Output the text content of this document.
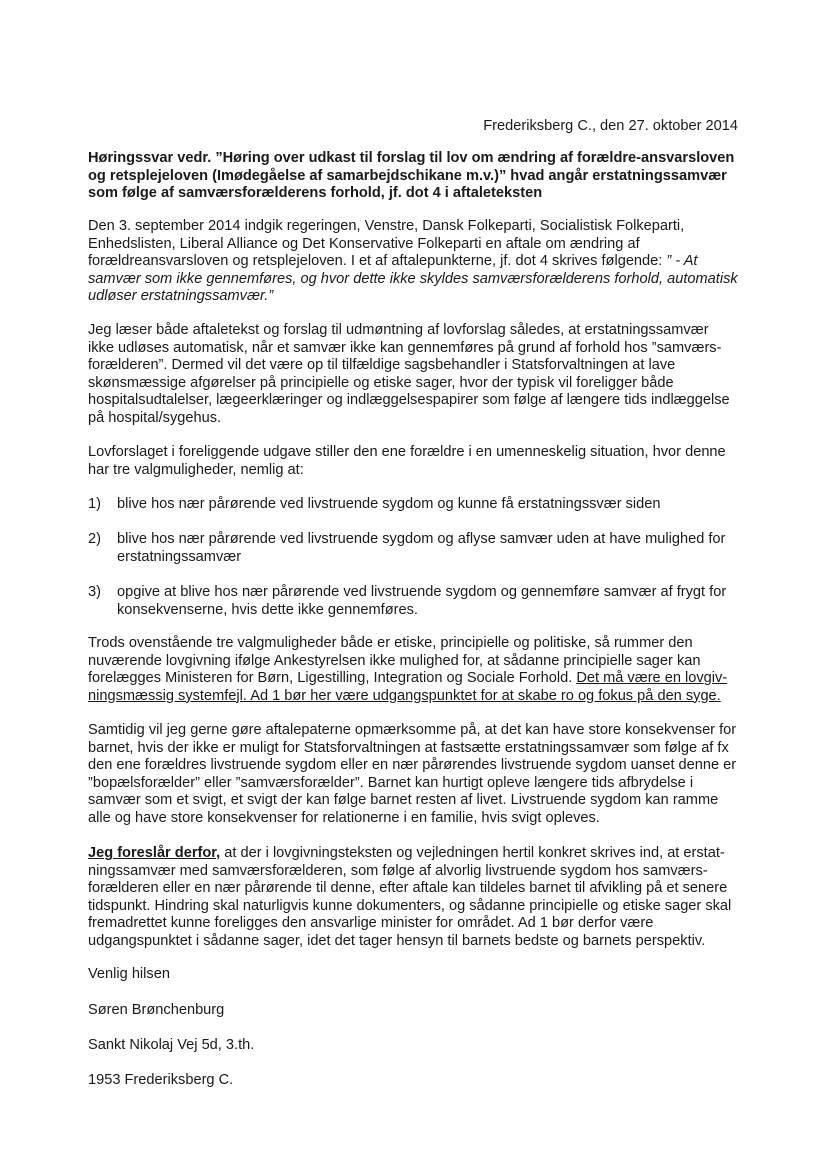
Frederiksberg C., den 27. oktober 2014
Høringssvar vedr. ”Høring over udkast til forslag til lov om ændring af forældre-ansvarsloven og retsplejeloven (Imødegåelse af samarbejdschikane m.v.)” hvad angår erstatningssamvær som følge af samværsforælderens forhold, jf. dot 4 i aftaleteksten

Den 3. september 2014 indgik regeringen, Venstre, Dansk Folkeparti, Socialistisk Folkeparti, Enhedslisten, Liberal Alliance og Det Konservative Folkeparti en aftale om ændring af forældreansvarsloven og retsplejeloven. I et af aftalepunkterne, jf. dot 4 skrives følgende: ” - At samvær som ikke gennemføres, og hvor dette ikke skyldes samværsforælderens forhold, automatisk udløser erstatningssamvær.”

Jeg læser både aftaletekst og forslag til udmøntning af lovforslag således, at erstatningssamvær ikke udløses automatisk, når et samvær ikke kan gennemføres på grund af forhold hos ”samværs-forælderen”. Dermed vil det være op til tilfældige sagsbehandler i Statsforvaltningen at lave skønsmæssige afgørelser på principielle og etiske sager, hvor der typisk vil foreligger både hospitalsudtalelser, lægeerklæringer og indlæggelsespapirer som følge af længere tids indlæggelse på hospital/sygehus.

Lovforslaget i foreliggende udgave stiller den ene forældre i en umenneskelig situation, hvor denne har tre valgmuligheder, nemlig at:

1) blive hos nær pårørende ved livstruende sygdom og kunne få erstatningssvær siden
2) blive hos nær pårørende ved livstruende sygdom og aflyse samvær uden at have mulighed for erstatningssamvær
3) opgive at blive hos nær pårørende ved livstruende sygdom og gennemføre samvær af frygt for konsekvenserne, hvis dette ikke gennemføres.

Trods ovenstående tre valgmuligheder både er etiske, principielle og politiske, så rummer den nuværende lovgivning ifølge Ankestyrelsen ikke mulighed for, at sådanne principielle sager kan forelægges Ministeren for Børn, Ligestilling, Integration og Sociale Forhold. Det må være en lovgiv-ningsmæssig systemfejl. Ad 1 bør her være udgangspunktet for at skabe ro og fokus på den syge.

Samtidig vil jeg gerne gøre aftalepaterne opmærksomme på, at det kan have store konsekvenser for barnet, hvis der ikke er muligt for Statsforvaltningen at fastsætte erstatningssamvær som følge af fx den ene forældres livstruende sygdom eller en nær pårørendes livstruende sygdom uanset denne er ”bopælsforælder” eller ”samværsforælder”. Barnet kan hurtigt opleve længere tids afbrydelse i samvær som et svigt, et svigt der kan følge barnet resten af livet. Livstruende sygdom kan ramme alle og have store konsekvenser for relationerne i en familie, hvis svigt opleves.

Jeg foreslår derfor, at der i lovgivningsteksten og vejledningen hertil konkret skrives ind, at erstat-ningssamvær med samværsforælderen, som følge af alvorlig livstruende sygdom hos samværs-forælderen eller en nær pårørende til denne, efter aftale kan tildeles barnet til afvikling på et senere tidspunkt. Hindring skal naturligvis kunne dokumenters, og sådanne principielle og etiske sager skal fremadrettet kunne foreligges den ansvarlige minister for området. Ad 1 bør derfor være udgangspunktet i sådanne sager, idet det tager hensyn til barnets bedste og barnets perspektiv.

Venlig hilsen
Søren Brønchenburg
Sankt Nikolaj Vej 5d, 3.th.
1953 Frederiksberg C.
